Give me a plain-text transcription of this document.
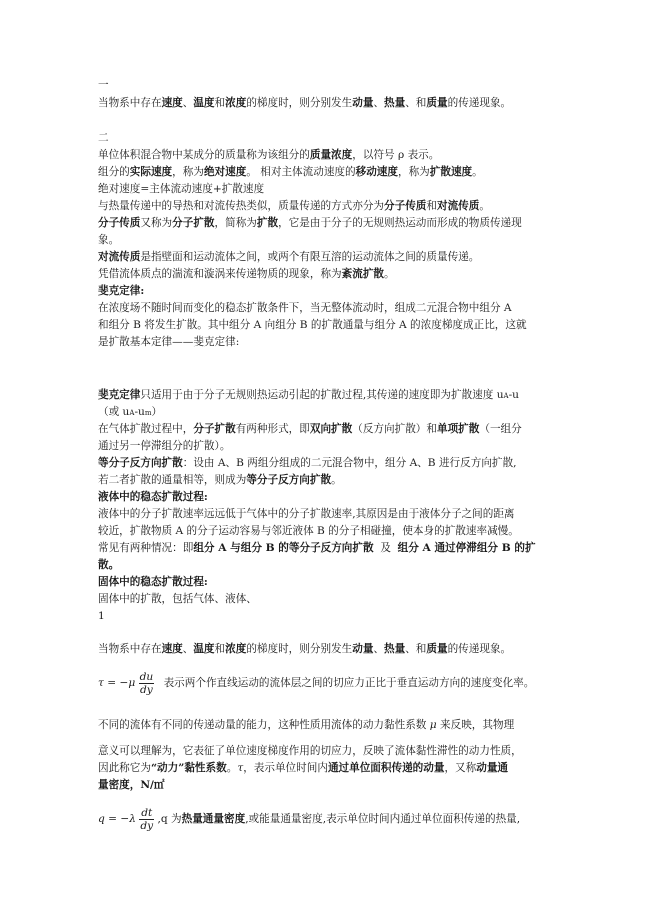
一
当物系中存在速度、温度和浓度的梯度时，则分别发生动量、热量、和质量的传递现象。
二
单位体积混合物中某成分的质量称为该组分的质量浓度，以符号 ρ 表示。
组分的实际速度，称为绝对速度。 相对主体流动速度的移动速度，称为扩散速度。
绝对速度=主体流动速度+扩散速度
与热量传递中的导热和对流传热类似，质量传递的方式亦分为分子传质和对流传质。
分子传质又称为分子扩散，简称为扩散，它是由于分子的无规则热运动而形成的物质传递现
象。
对流传质是指壁面和运动流体之间，或两个有限互溶的运动流体之间的质量传递。
凭借流体质点的湍流和漩涡来传递物质的现象，称为紊流扩散。
斐克定律:
在浓度场不随时间而变化的稳态扩散条件下，当无整体流动时，组成二元混合物中组分 A
和组分 B 将发生扩散。其中组分 A 向组分 B 的扩散通量与组分 A 的浓度梯度成正比，这就
是扩散基本定律——斐克定律:
斐克定律只适用于由于分子无规则热运动引起的扩散过程,其传递的速度即为扩散速度 uA-u
（或 uA-um）
在气体扩散过程中，分子扩散有两种形式，即双向扩散（反方向扩散）和单项扩散（一组分
通过另一停滞组分的扩散）。
等分子反方向扩散：设由 A、B 两组分组成的二元混合物中，组分 A、B 进行反方向扩散,
若二者扩散的通量相等，则成为等分子反方向扩散。
液体中的稳态扩散过程:
液体中的分子扩散速率远远低于气体中的分子扩散速率,其原因是由于液体分子之间的距离
较近，扩散物质 A 的分子运动容易与邻近液体 B 的分子相碰撞，使本身的扩散速率减慢。
常见有两种情况：即组分 A 与组分 B 的等分子反方向扩散  及  组分 A 通过停滞组分 B 的扩
散。
固体中的稳态扩散过程:
固体中的扩散，包括气体、液体、
1
当物系中存在速度、温度和浓度的梯度时，则分别发生动量、热量、和质量的传递现象。
$\tau = -\mu \frac{du}{dy}$ 表示两个作直线运动的流体层之间的切应力正比于垂直运动方向的速度变化率。
不同的流体有不同的传递动量的能力，这种性质用流体的动力黏性系数 μ 来反映，其物理
意义可以理解为，它表征了单位速度梯度作用的切应力，反映了流体黏性滞性的动力性质，
因此称它为“动力”黏性系数。τ，表示单位时间内通过单位面积传递的动量，又称动量通
量密度，N/㎡
$q = -\lambda \frac{dt}{dy} ,q$ 为热量通量密度,或能量通量密度,表示单位时间内通过单位面积传递的热量,
